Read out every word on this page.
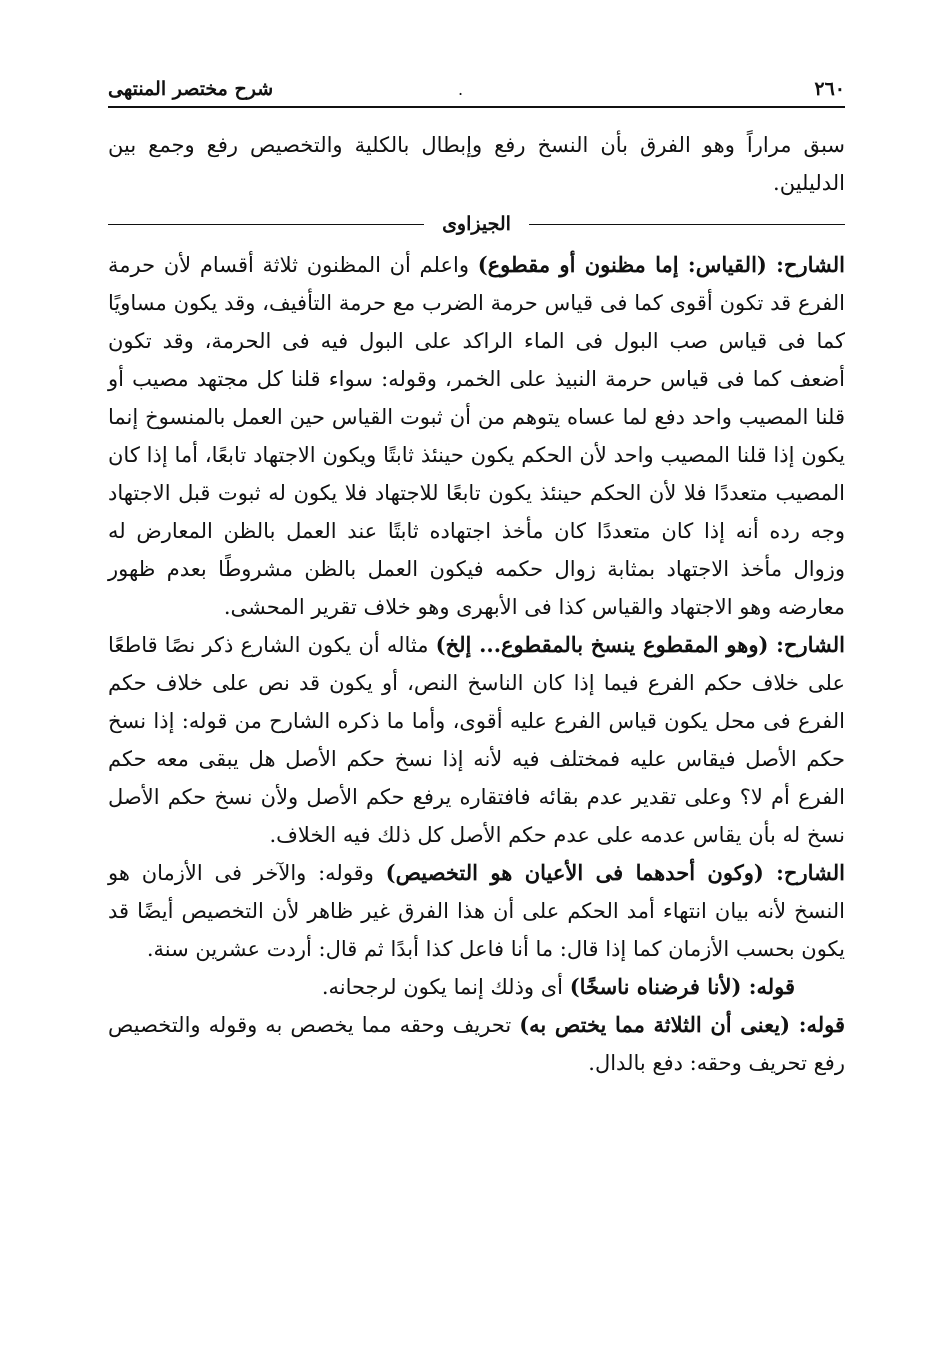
٢٦٠
.
شرح مختصر المنتهى

سبق مراراً وهو الفرق بأن النسخ رفع وإبطال بالكلية والتخصيص رفع وجمع بين الدليلين.

الجيزاوى

الشارح: (القياس: إما مظنون أو مقطوع) واعلم أن المظنون ثلاثة أقسام لأن حرمة الفرع قد تكون أقوى كما فى قياس حرمة الضرب مع حرمة التأفيف، وقد يكون مساويًا كما فى قياس صب البول فى الماء الراكد على البول فيه فى الحرمة، وقد تكون أضعف كما فى قياس حرمة النبيذ على الخمر، وقوله: سواء قلنا كل مجتهد مصيب أو قلنا المصيب واحد دفع لما عساه يتوهم من أن ثبوت القياس حين العمل بالمنسوخ إنما يكون إذا قلنا المصيب واحد لأن الحكم يكون حينئذ ثابتًا ويكون الاجتهاد تابعًا، أما إذا كان المصيب متعددًا فلا لأن الحكم حينئذ يكون تابعًا للاجتهاد فلا يكون له ثبوت قبل الاجتهاد وجه رده أنه إذا كان متعددًا كان مأخذ اجتهاده ثابتًا عند العمل بالظن المعارض له وزوال مأخذ الاجتهاد بمثابة زوال حكمه فيكون العمل بالظن مشروطًا بعدم ظهور معارضه وهو الاجتهاد والقياس كذا فى الأبهرى وهو خلاف تقرير المحشى.

الشارح: (وهو المقطوع ينسخ بالمقطوع... إلخ) مثاله أن يكون الشارع ذكر نصًا قاطعًا على خلاف حكم الفرع فيما إذا كان الناسخ النص، أو يكون قد نص على خلاف حكم الفرع فى محل يكون قياس الفرع عليه أقوى، وأما ما ذكره الشارح من قوله: إذا نسخ حكم الأصل فيقاس عليه فمختلف فيه لأنه إذا نسخ حكم الأصل هل يبقى معه حكم الفرع أم لا؟ وعلى تقدير عدم بقائه فافتقاره يرفع حكم الأصل ولأن نسخ حكم الأصل نسخ له بأن يقاس عدمه على عدم حكم الأصل كل ذلك فيه الخلاف.

الشارح: (وكون أحدهما فى الأعيان هو التخصيص) وقوله: والآخر فى الأزمان هو النسخ لأنه بيان انتهاء أمد الحكم على أن هذا الفرق غير ظاهر لأن التخصيص أيضًا قد يكون بحسب الأزمان كما إذا قال: ما أنا فاعل كذا أبدًا ثم قال: أردت عشرين سنة.

قوله: (لأنا فرضناه ناسخًا) أى وذلك إنما يكون لرجحانه.

قوله: (يعنى أن الثلاثة مما يختص به) تحريف وحقه مما يخصص به وقوله والتخصيص رفع تحريف وحقه: دفع بالدال.
